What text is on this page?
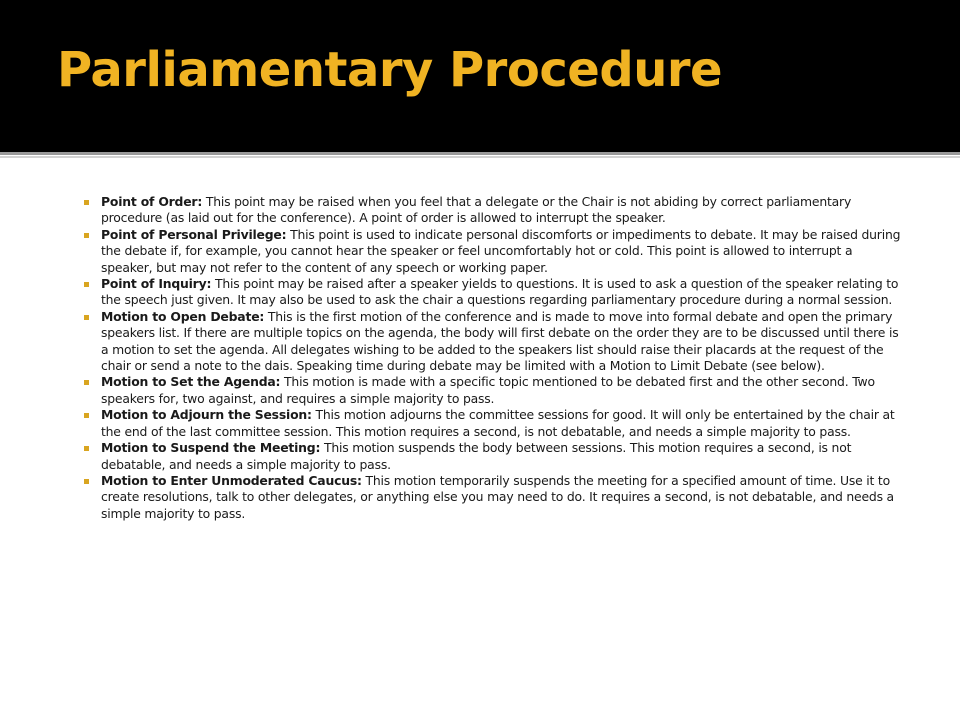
Parliamentary Procedure
Point of Order: This point may be raised when you feel that a delegate or the Chair is not abiding by correct parliamentary procedure (as laid out for the conference). A point of order is allowed to interrupt the speaker.
Point of Personal Privilege: This point is used to indicate personal discomforts or impediments to debate. It may be raised during the debate if, for example, you cannot hear the speaker or feel uncomfortably hot or cold. This point is allowed to interrupt a speaker, but may not refer to the content of any speech or working paper.
Point of Inquiry: This point may be raised after a speaker yields to questions. It is used to ask a question of the speaker relating to the speech just given. It may also be used to ask the chair a questions regarding parliamentary procedure during a normal session.
Motion to Open Debate: This is the first motion of the conference and is made to move into formal debate and open the primary speakers list. If there are multiple topics on the agenda, the body will first debate on the order they are to be discussed until there is a motion to set the agenda. All delegates wishing to be added to the speakers list should raise their placards at the request of the chair or send a note to the dais. Speaking time during debate may be limited with a Motion to Limit Debate (see below).
Motion to Set the Agenda: This motion is made with a specific topic mentioned to be debated first and the other second. Two speakers for, two against, and requires a simple majority to pass.
Motion to Adjourn the Session: This motion adjourns the committee sessions for good. It will only be entertained by the chair at the end of the last committee session. This motion requires a second, is not debatable, and needs a simple majority to pass.
Motion to Suspend the Meeting: This motion suspends the body between sessions. This motion requires a second, is not debatable, and needs a simple majority to pass.
Motion to Enter Unmoderated Caucus: This motion temporarily suspends the meeting for a specified amount of time. Use it to create resolutions, talk to other delegates, or anything else you may need to do. It requires a second, is not debatable, and needs a simple majority to pass.
